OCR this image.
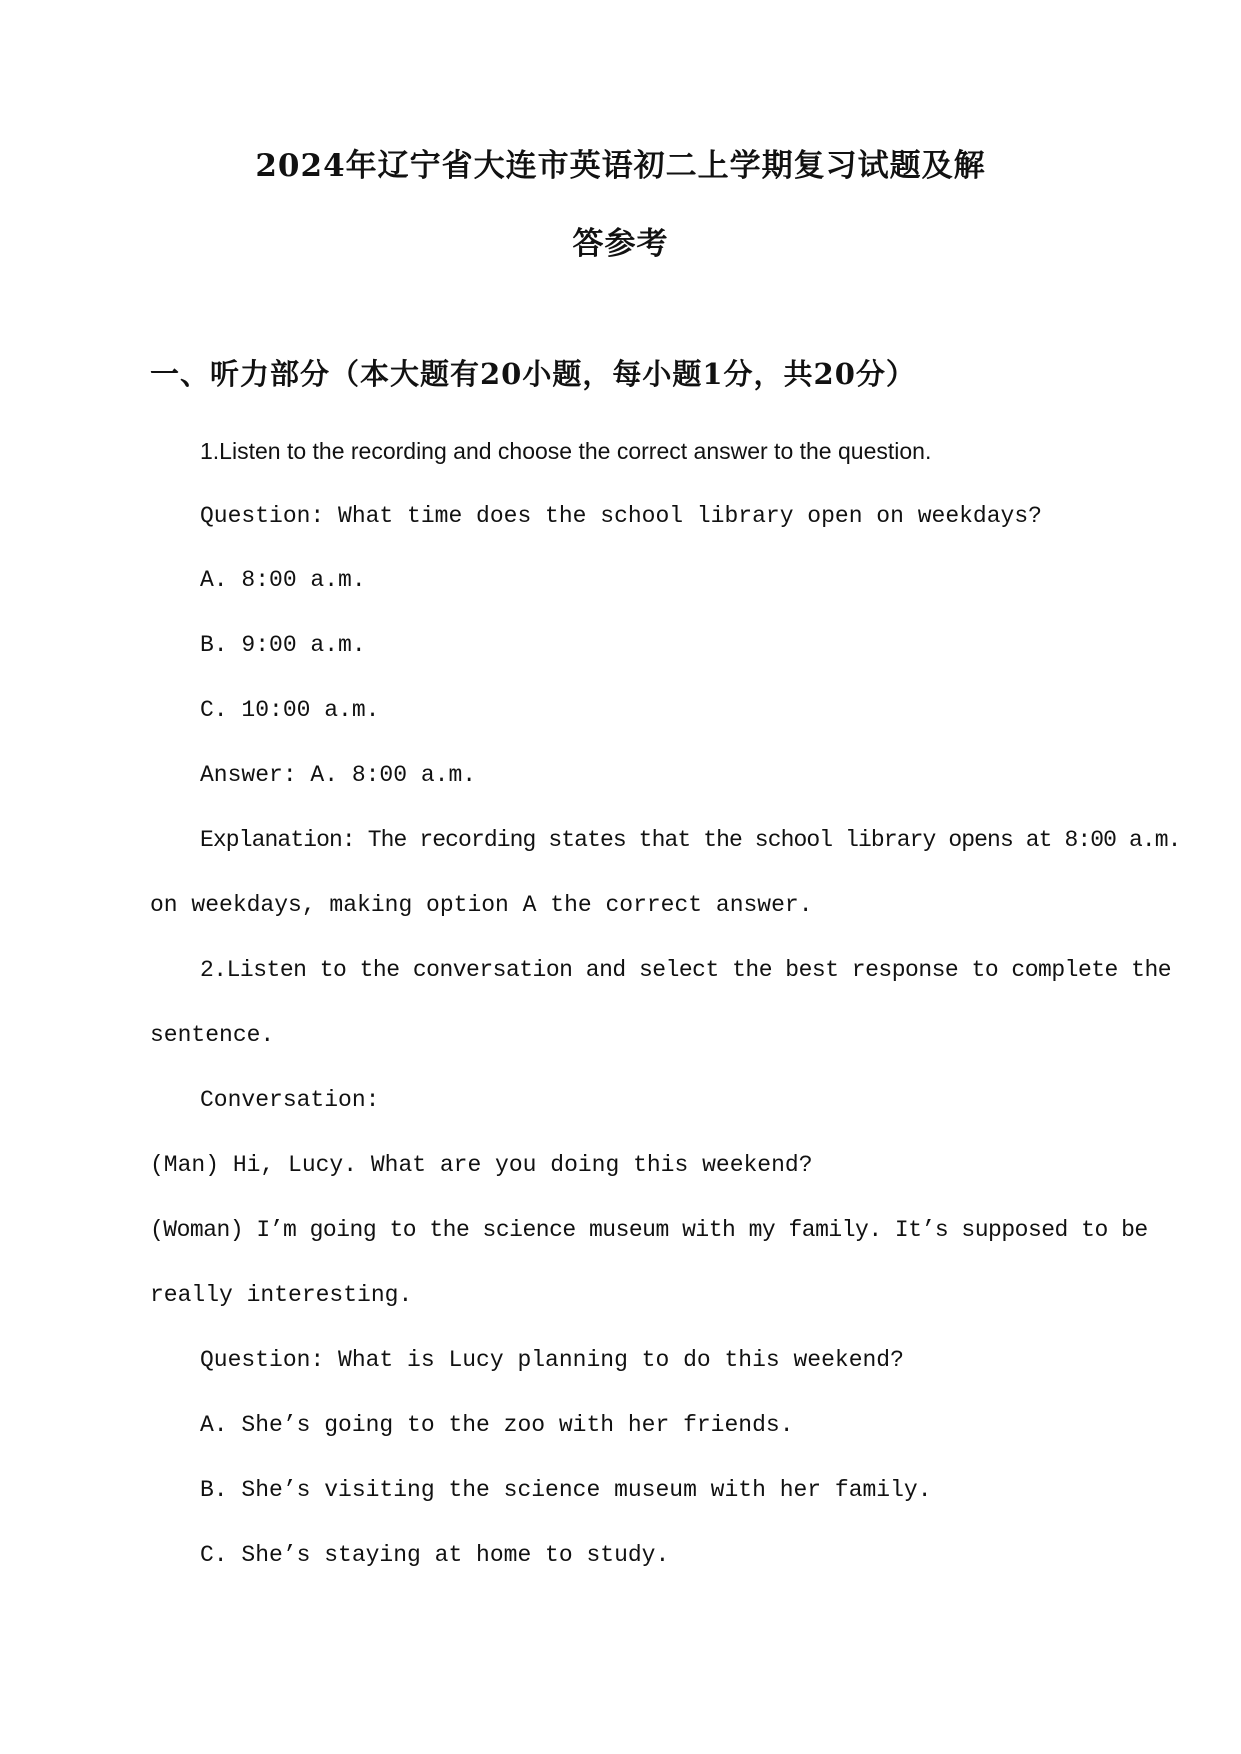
2024年辽宁省大连市英语初二上学期复习试题及解
答参考
一、听力部分（本大题有20小题，每小题1分，共20分）
1.Listen to the recording and choose the correct answer to the question.
Question: What time does the school library open on weekdays?
A. 8:00 a.m.
B. 9:00 a.m.
C. 10:00 a.m.
Answer: A. 8:00 a.m.
Explanation: The recording states that the school library opens at 8:00 a.m.
on weekdays, making option A the correct answer.
2.Listen to the conversation and select the best response to complete the
sentence.
Conversation:
(Man) Hi, Lucy. What are you doing this weekend?
(Woman) I’m going to the science museum with my family. It’s supposed to be
really interesting.
Question: What is Lucy planning to do this weekend?
A. She’s going to the zoo with her friends.
B. She’s visiting the science museum with her family.
C. She’s staying at home to study.
